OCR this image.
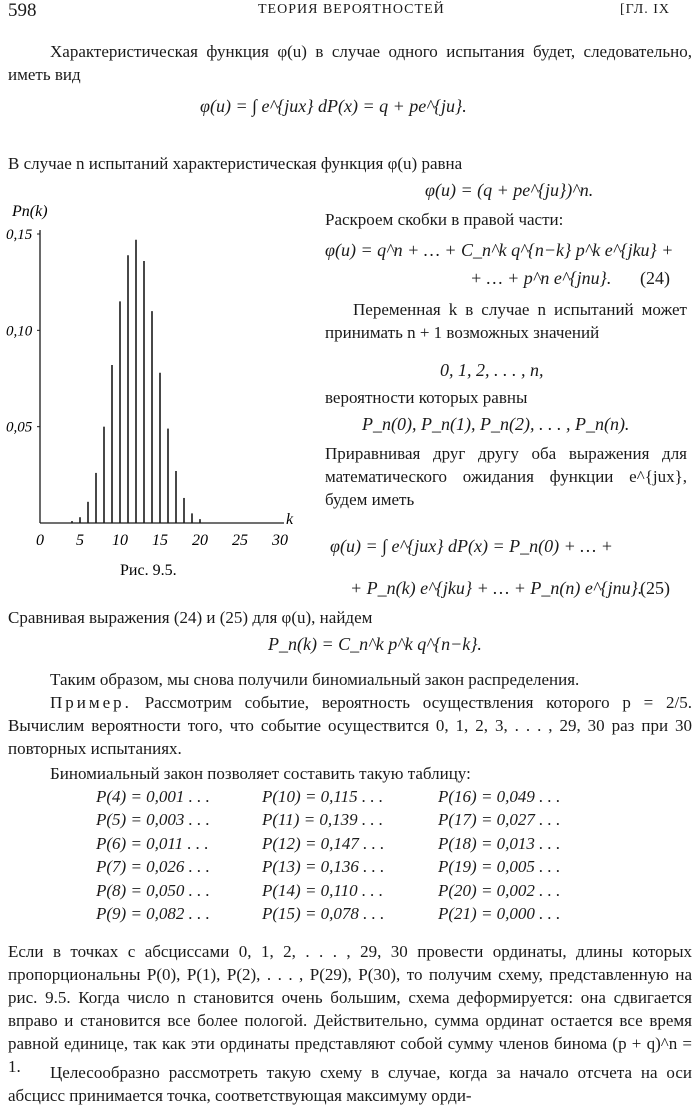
598	ТЕОРИЯ ВЕРОЯТНОСТЕЙ	[ГЛ. IX
Характеристическая функция φ(u) в случае одного испытания будет, следовательно, иметь вид
φ(u) = ∫ e^{jux} dP(x) = q + pe^{ju}.
В случае n испытаний характеристическая функция φ(u) равна
φ(u) = (q + pe^{ju})^n.
Раскроем скобки в правой части:
φ(u) = q^n + … + C_n^k q^{n−k} p^k e^{jku} +
+ … + p^n e^{jnu}. (24)
Переменная k в случае n испытаний может принимать n + 1 возможных значений
0, 1, 2, . . . , n,
вероятности которых равны
P_n(0), P_n(1), P_n(2), . . . , P_n(n).
Приравнивая друг другу оба выражения для математического ожидания функции e^{jux}, будем иметь
φ(u) = ∫ e^{jux} dP(x) = P_n(0) + … +
+ P_n(k) e^{jku} + … + P_n(n) e^{jnu}.
(25)
Pn(k)
k
0,05
0,10
0,15
0 5 10 15 20 25 30
Рис. 9.5.
Сравнивая выражения (24) и (25) для φ(u), найдем
P_n(k) = C_n^k p^k q^{n−k}.
Таким образом, мы снова получили биномиальный закон распределения.
Пример. Рассмотрим событие, вероятность осуществления которого p = 2/5. Вычислим вероятности того, что событие осуществится 0, 1, 2, 3, . . . , 29, 30 раз при 30 повторных испытаниях.
Биномиальный закон позволяет составить такую таблицу:
P(4) = 0,001 . . .	P(10) = 0,115 . . .	P(16) = 0,049 . . .
P(5) = 0,003 . . .	P(11) = 0,139 . . .	P(17) = 0,027 . . .
P(6) = 0,011 . . .	P(12) = 0,147 . . .	P(18) = 0,013 . . .
P(7) = 0,026 . . .	P(13) = 0,136 . . .	P(19) = 0,005 . . .
P(8) = 0,050 . . .	P(14) = 0,110 . . .	P(20) = 0,002 . . .
P(9) = 0,082 . . .	P(15) = 0,078 . . .	P(21) = 0,000 . . .
Если в точках с абсциссами 0, 1, 2, . . . , 29, 30 провести ординаты, длины которых пропорциональны P(0), P(1), P(2), . . . , P(29), P(30), то получим схему, представленную на рис. 9.5. Когда число n становится очень большим, схема деформируется: она сдвигается вправо и становится все более пологой. Действительно, сумма ординат остается все время равной единице, так как эти ординаты представляют собой сумму членов бинома (p + q)^n = 1.	Целесообразно рассмотреть такую схему в случае, когда за начало отсчета на оси абсцисс принимается точка, соответствующая максимуму орди-
